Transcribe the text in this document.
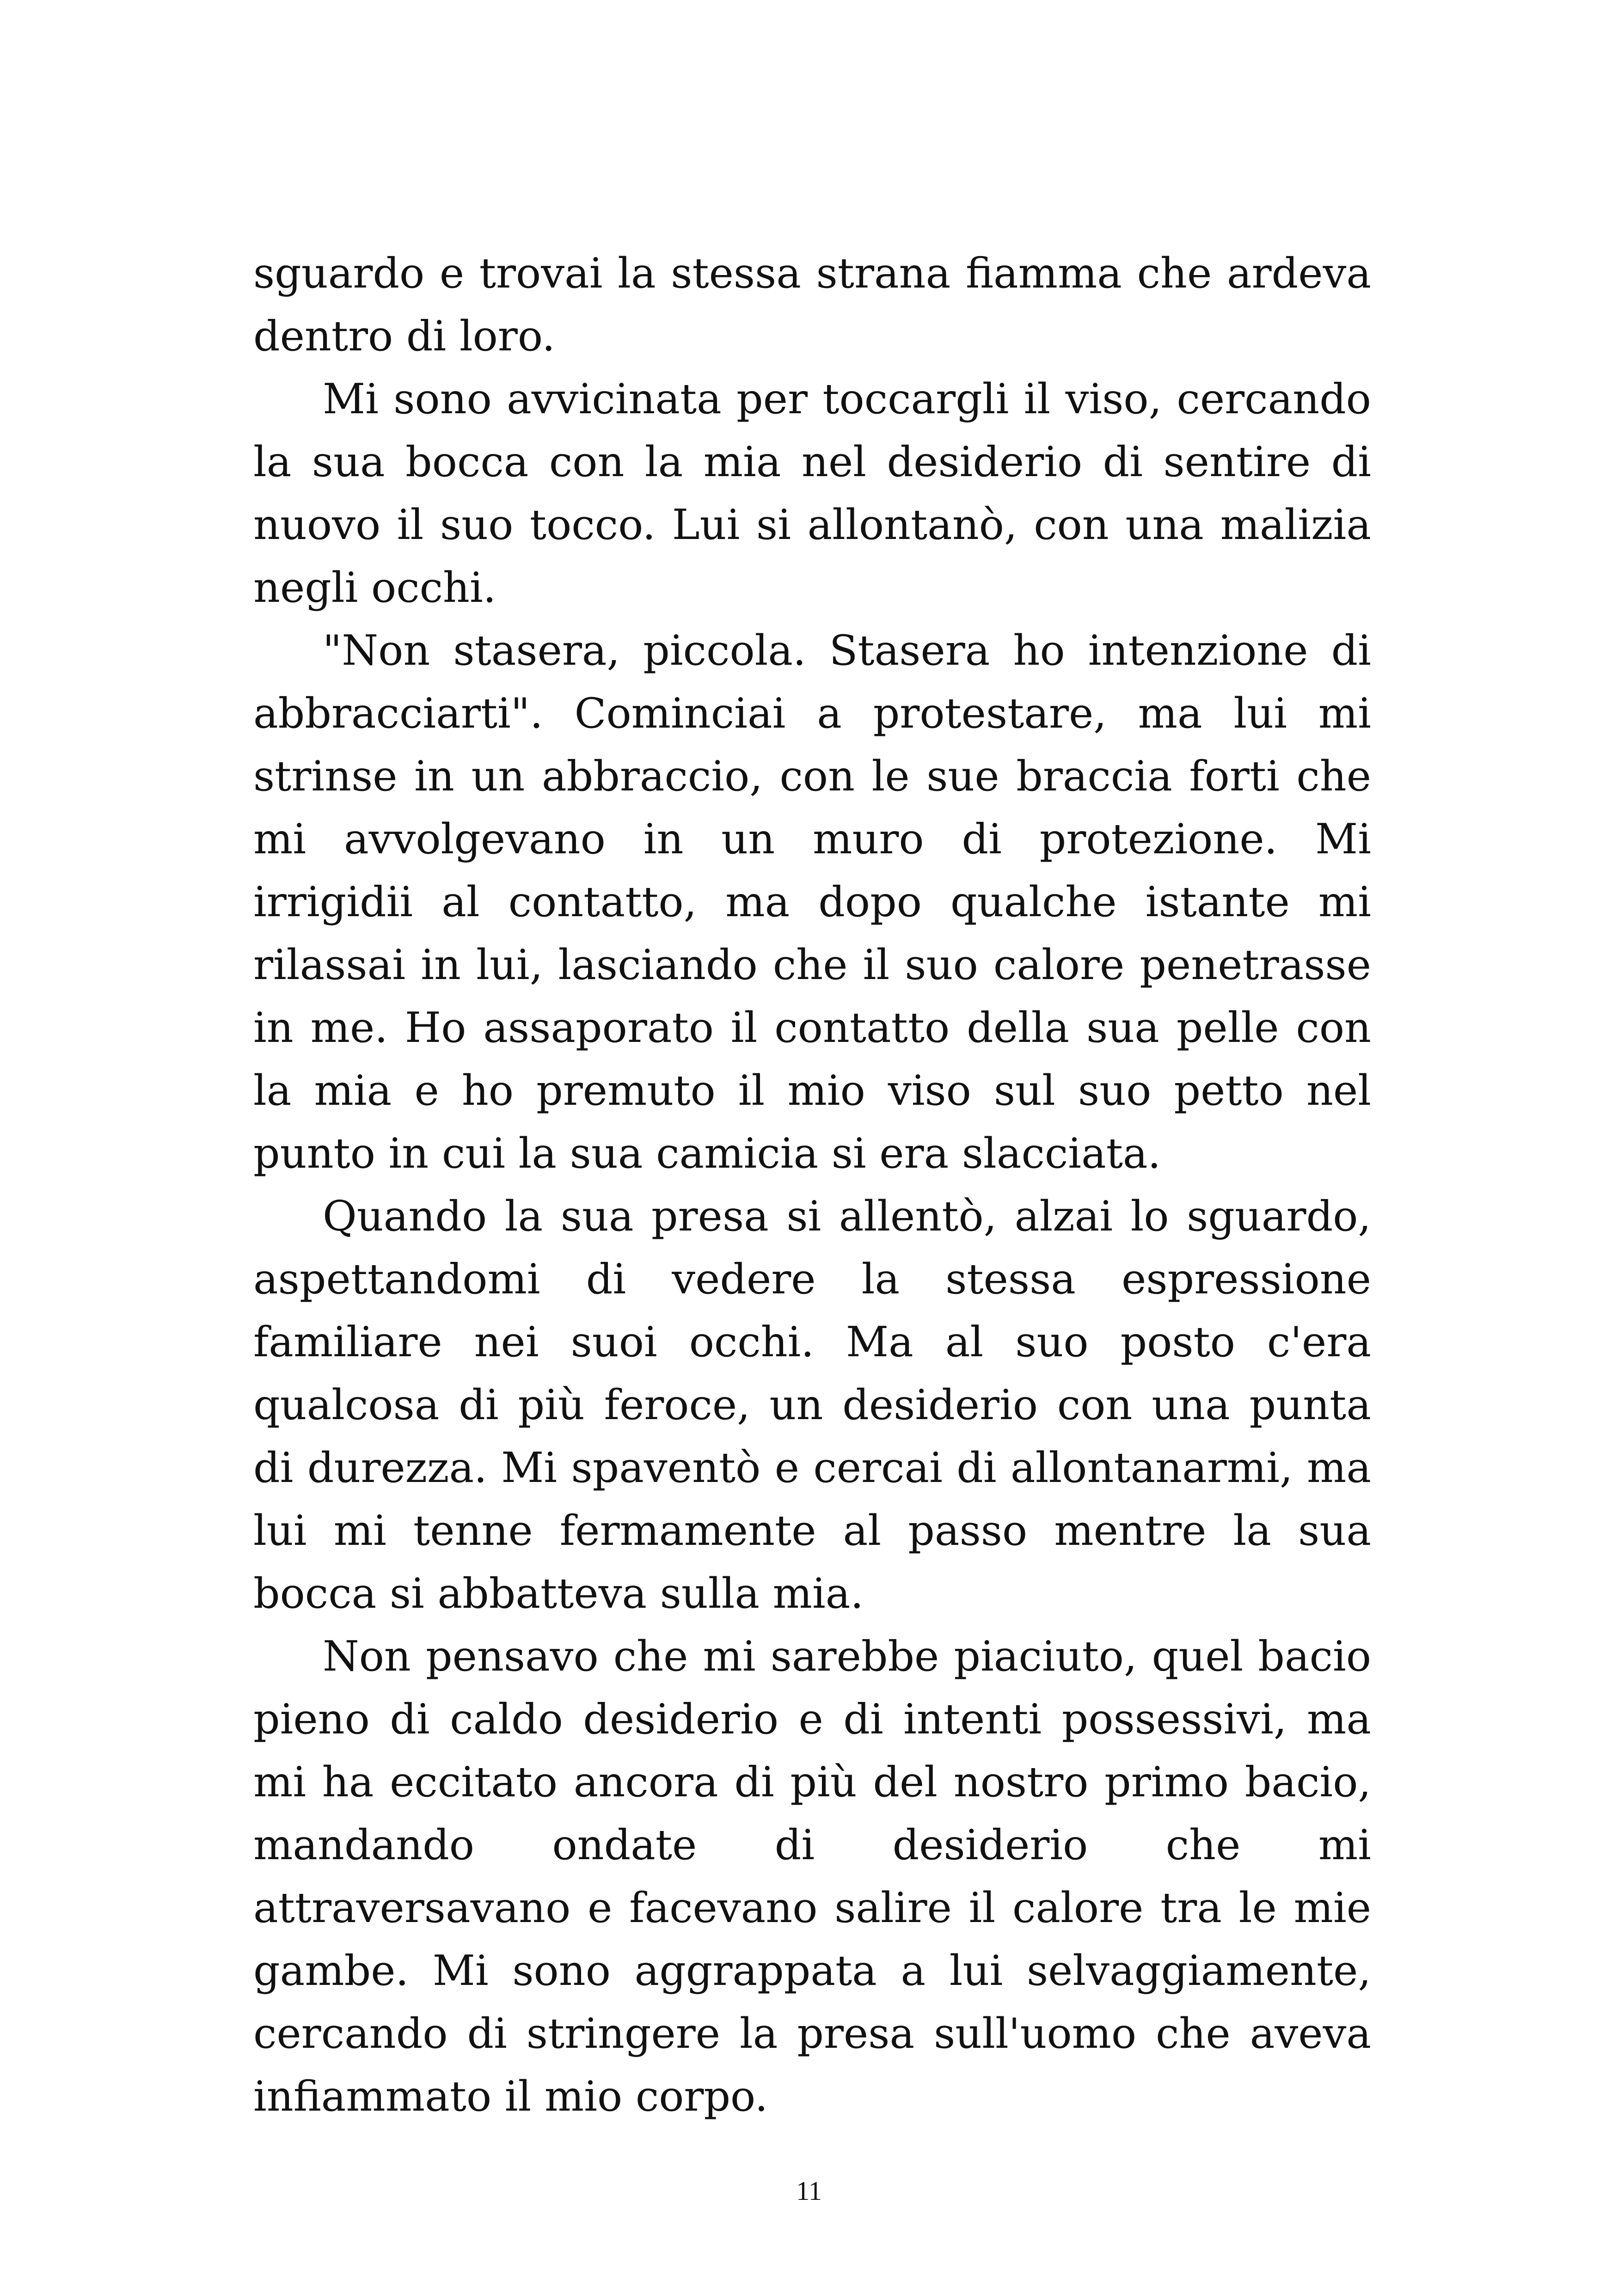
sguardo e trovai la stessa strana fiamma che ardeva dentro di loro.

Mi sono avvicinata per toccargli il viso, cercando la sua bocca con la mia nel desiderio di sentire di nuovo il suo tocco. Lui si allontanò, con una malizia negli occhi.

"Non stasera, piccola. Stasera ho intenzione di abbracciarti". Cominciai a protestare, ma lui mi strinse in un abbraccio, con le sue braccia forti che mi avvolgevano in un muro di protezione. Mi irrigidii al contatto, ma dopo qualche istante mi rilassai in lui, lasciando che il suo calore penetrasse in me. Ho assaporato il contatto della sua pelle con la mia e ho premuto il mio viso sul suo petto nel punto in cui la sua camicia si era slacciata.

Quando la sua presa si allentò, alzai lo sguardo, aspettandomi di vedere la stessa espressione familiare nei suoi occhi. Ma al suo posto c'era qualcosa di più feroce, un desiderio con una punta di durezza. Mi spaventò e cercai di allontanarmi, ma lui mi tenne fermamente al passo mentre la sua bocca si abbatteva sulla mia.

Non pensavo che mi sarebbe piaciuto, quel bacio pieno di caldo desiderio e di intenti possessivi, ma mi ha eccitato ancora di più del nostro primo bacio, mandando ondate di desiderio che mi attraversavano e facevano salire il calore tra le mie gambe. Mi sono aggrappata a lui selvaggiamente, cercando di stringere la presa sull'uomo che aveva infiammato il mio corpo.

11
